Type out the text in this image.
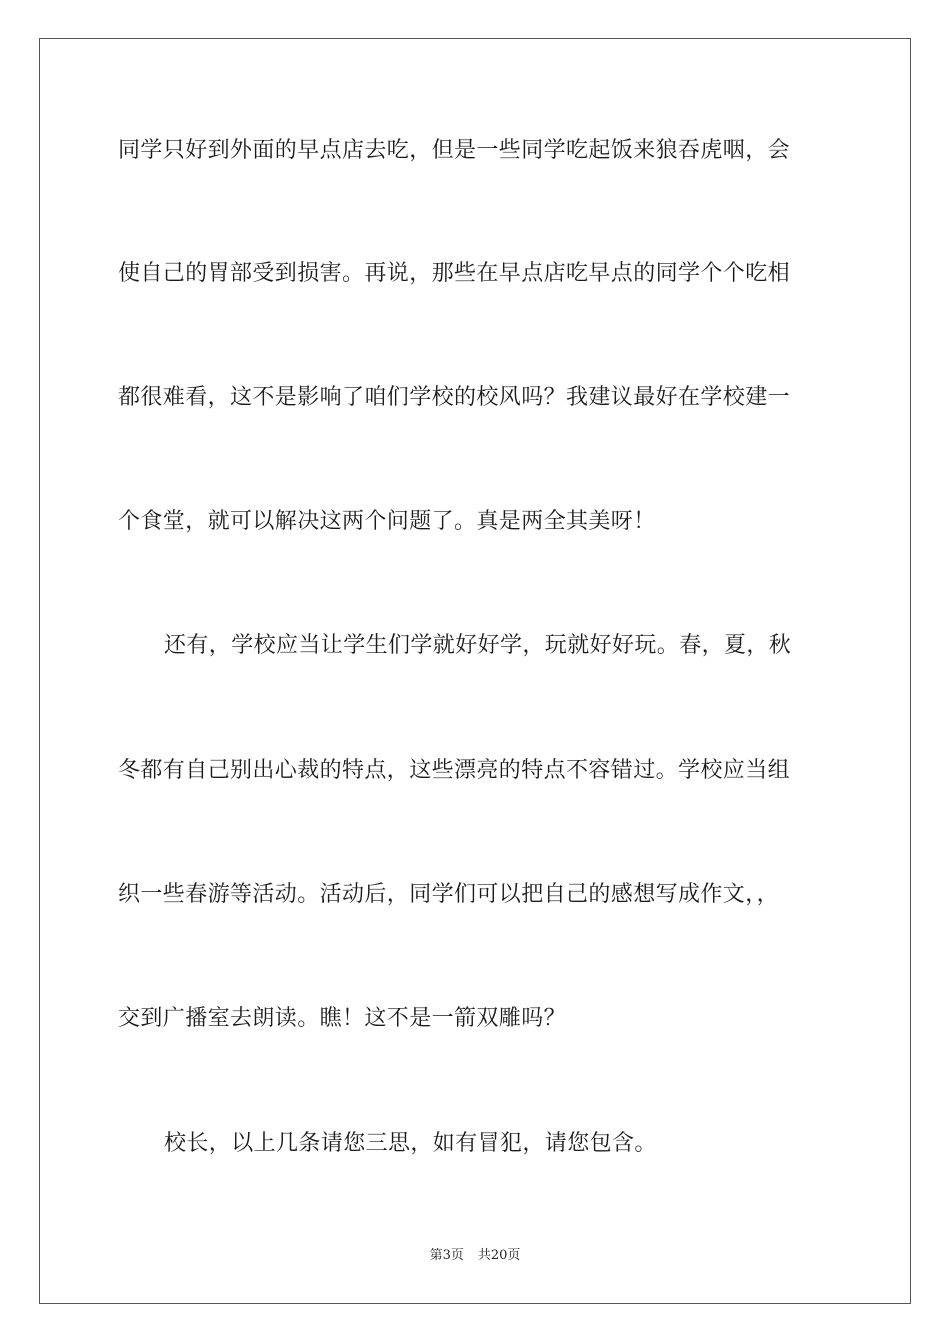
同学只好到外面的早点店去吃，但是一些同学吃起饭来狼吞虎咽，会
使自己的胃部受到损害。再说，那些在早点店吃早点的同学个个吃相
都很难看，这不是影响了咱们学校的校风吗？我建议最好在学校建一
个食堂，就可以解决这两个问题了。真是两全其美呀！
还有，学校应当让学生们学就好好学，玩就好好玩。春，夏，秋
冬都有自己别出心裁的特点，这些漂亮的特点不容错过。学校应当组
织一些春游等活动。活动后，同学们可以把自己的感想写成作文，，
交到广播室去朗读。瞧！这不是一箭双雕吗？
校长，以上几条请您三思，如有冒犯，请您包含。
第3页 共20页
